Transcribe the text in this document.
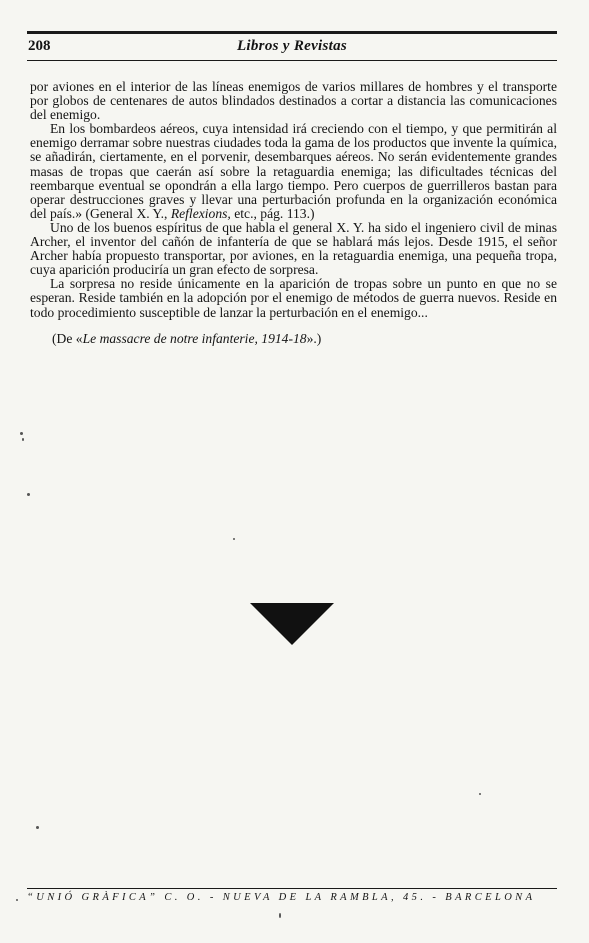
208	Libros y Revistas

por aviones en el interior de las líneas enemigos de varios millares de hombres y el transporte por globos de centenares de autos blindados destinados a cortar a distancia las comunicaciones del enemigo.

En los bombardeos aéreos, cuya intensidad irá creciendo con el tiempo, y que permitirán al enemigo derramar sobre nuestras ciudades toda la gama de los productos que invente la química, se añadirán, ciertamente, en el porvenir, desembarques aéreos. No serán evidentemente grandes masas de tropas que caerán así sobre la retaguardia enemiga; las dificultades técnicas del reembarque eventual se opondrán a ella largo tiempo. Pero cuerpos de guerrilleros bastan para operar destrucciones graves y llevar una perturbación profunda en la organización económica del país.» (General X. Y., Reflexions, etc., pág. 113.)

Uno de los buenos espíritus de que habla el general X. Y. ha sido el ingeniero civil de minas Archer, el inventor del cañón de infantería de que se hablará más lejos. Desde 1915, el señor Archer había propuesto transportar, por aviones, en la retaguardia enemiga, una pequeña tropa, cuya aparición produciría un gran efecto de sorpresa.

La sorpresa no reside únicamente en la aparición de tropas sobre un punto en que no se esperan. Reside también en la adopción por el enemigo de métodos de guerra nuevos. Reside en todo procedimiento susceptible de lanzar la perturbación en el enemigo...

(De «Le massacre de notre infanterie, 1914-18».)

“UNIÓ GRÀFICA” C. O. - NUEVA DE LA RAMBLA, 45. - BARCELONA
